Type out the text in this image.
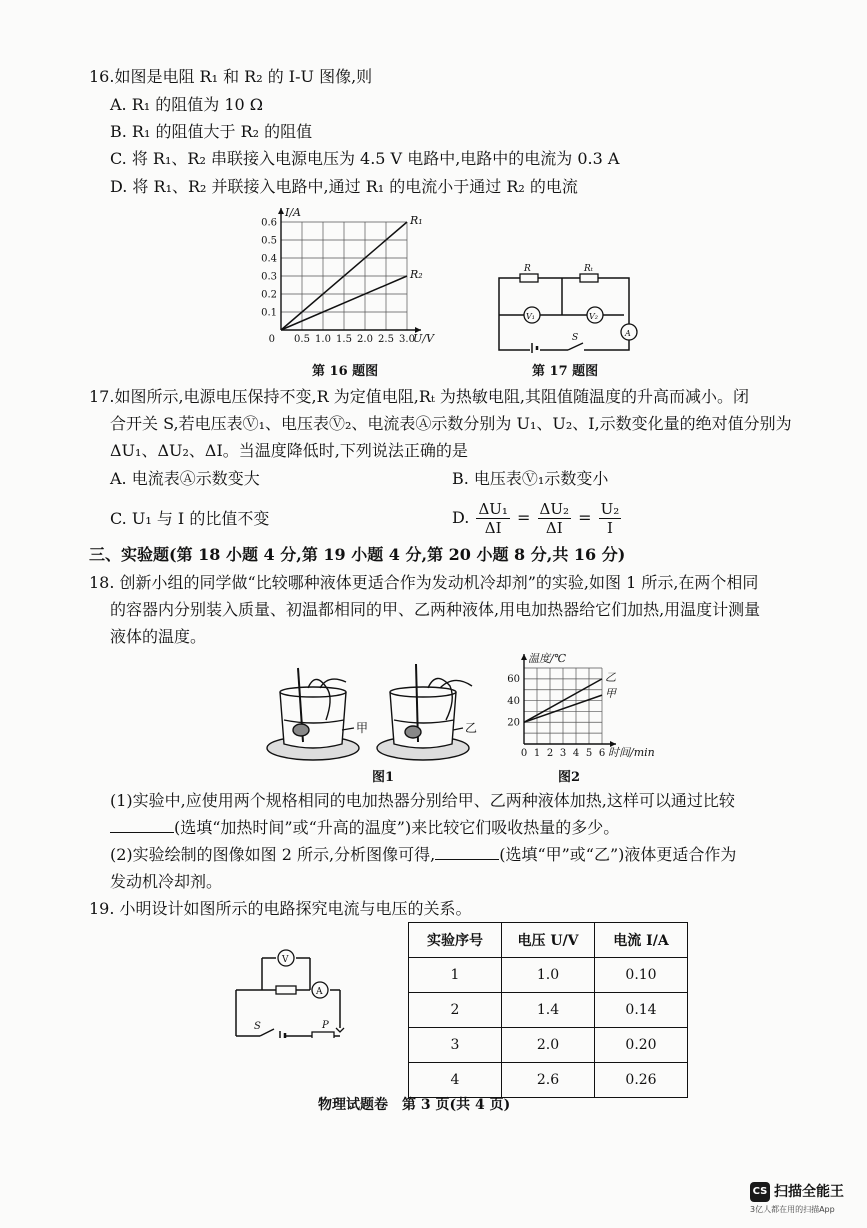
16.如图是电阻 R₁ 和 R₂ 的 I-U 图像,则
A. R₁ 的阻值为 10 Ω
B. R₁ 的阻值大于 R₂ 的阻值
C. 将 R₁、R₂ 串联接入电源电压为 4.5 V 电路中,电路中的电流为 0.3 A
D. 将 R₁、R₂ 并联接入电路中,通过 R₁ 的电流小于通过 R₂ 的电流
0.5 1.0 1.5 2.0 2.5 3.0
0.1
0.2
0.3
0.4
0.5
0.6
0	U/V
I/A
R₁
R₂
第 16 题图
R	Rₜ
V₁	V₂
A
S
第 17 题图
17.如图所示,电源电压保持不变,R 为定值电阻,Rₜ 为热敏电阻,其阻值随温度的升高而减小。闭
合开关 S,若电压表Ⓥ₁、电压表Ⓥ₂、电流表Ⓐ示数分别为 U₁、U₂、I,示数变化量的绝对值分别为
ΔU₁、ΔU₂、ΔI。当温度降低时,下列说法正确的是
A. 电流表Ⓐ示数变大	B. 电压表Ⓥ₁示数变小
C. U₁ 与 I 的比值不变	D. $\frac{\text{ΔU₁}}{\Delta I} = \frac{\text{ΔU₂}}{\Delta I} = \frac{\text{U₂}}{I}$
三、实验题(第 18 小题 4 分,第 19 小题 4 分,第 20 小题 8 分,共 16 分)
18. 创新小组的同学做“比较哪种液体更适合作为发动机冷却剂”的实验,如图 1 所示,在两个相同
的容器内分别装入质量、初温都相同的甲、乙两种液体,用电加热器给它们加热,用温度计测量
液体的温度。
甲	乙
图1
0 1 2 3 4 5 6
20
40
60
时间/min
温度/℃
乙
甲
图2
(1)实验中,应使用两个规格相同的电加热器分别给甲、乙两种液体加热,这样可以通过比较
(选填“加热时间”或“升高的温度”)来比较它们吸收热量的多少。
(2)实验绘制的图像如图 2 所示,分析图像可得,	(选填“甲”或“乙”)液体更适合作为
发动机冷却剂。
19. 小明设计如图所示的电路探究电流与电压的关系。
V
A
S	P
实验序号	电压 U/V	电流 I/A
1	1.0	0.10
2	1.4	0.14
3	2.0	0.20
4	2.6	0.26
物理试题卷　第 3 页(共 4 页)
CS 扫描全能王
3亿人都在用的扫描App
